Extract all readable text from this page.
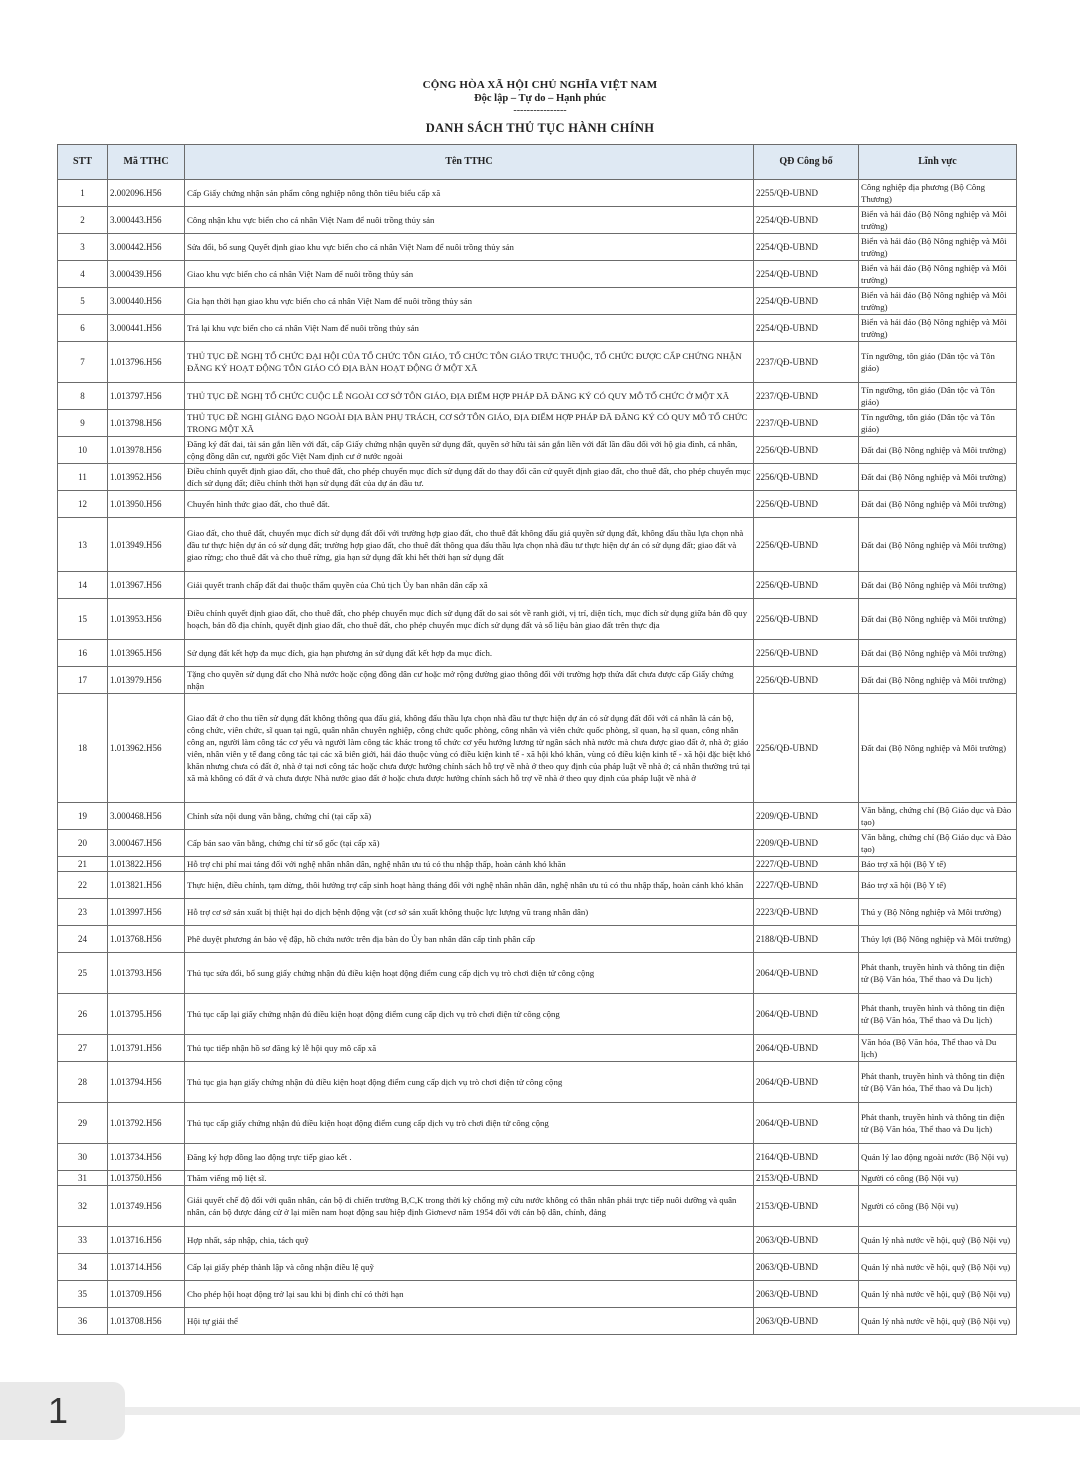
CỘNG HÒA XÃ HỘI CHỦ NGHĨA VIỆT NAM
Độc lập – Tự do – Hạnh phúc
----------------
DANH SÁCH THỦ TỤC HÀNH CHÍNH
STT	Mã TTHC	Tên TTHC	QĐ Công bố	Lĩnh vực
1	2.002096.H56	Cấp Giấy chứng nhận sản phẩm công nghiệp nông thôn tiêu biểu cấp xã	2255/QĐ-UBND	Công nghiệp địa phương (Bộ Công Thương)
2	3.000443.H56	Công nhận khu vực biển cho cá nhân Việt Nam để nuôi trồng thủy sản	2254/QĐ-UBND	Biển và hải đảo (Bộ Nông nghiệp và Môi trường)
3	3.000442.H56	Sửa đổi, bổ sung Quyết định giao khu vực biển cho cá nhân Việt Nam để nuôi trồng thủy sản	2254/QĐ-UBND	Biển và hải đảo (Bộ Nông nghiệp và Môi trường)
4	3.000439.H56	Giao khu vực biển cho cá nhân Việt Nam để nuôi trồng thủy sản	2254/QĐ-UBND	Biển và hải đảo (Bộ Nông nghiệp và Môi trường)
5	3.000440.H56	Gia hạn thời hạn giao khu vực biển cho cá nhân Việt Nam để nuôi trồng thủy sản	2254/QĐ-UBND	Biển và hải đảo (Bộ Nông nghiệp và Môi trường)
6	3.000441.H56	Trả lại khu vực biển cho cá nhân Việt Nam để nuôi trồng thủy sản	2254/QĐ-UBND	Biển và hải đảo (Bộ Nông nghiệp và Môi trường)
7	1.013796.H56	THỦ TỤC ĐỀ NGHỊ TỔ CHỨC ĐẠI HỘI CỦA TỔ CHỨC TÔN GIÁO, TỔ CHỨC TÔN GIÁO TRỰC THUỘC, TỔ CHỨC ĐƯỢC CẤP CHỨNG NHẬN ĐĂNG KÝ HOẠT ĐỘNG TÔN GIÁO CÓ ĐỊA BÀN HOẠT ĐỘNG Ở MỘT XÃ	2237/QĐ-UBND	Tín ngưỡng, tôn giáo (Dân tộc và Tôn giáo)
8	1.013797.H56	THỦ TỤC ĐỀ NGHỊ TỔ CHỨC CUỘC LỄ NGOÀI CƠ SỞ TÔN GIÁO, ĐỊA ĐIỂM HỢP PHÁP ĐÃ ĐĂNG KÝ CÓ QUY MÔ TỔ CHỨC Ở MỘT XÃ	2237/QĐ-UBND	Tín ngưỡng, tôn giáo (Dân tộc và Tôn giáo)
9	1.013798.H56	THỦ TỤC ĐỀ NGHỊ GIẢNG ĐẠO NGOÀI ĐỊA BÀN PHỤ TRÁCH, CƠ SỞ TÔN GIÁO, ĐỊA ĐIỂM HỢP PHÁP ĐÃ ĐĂNG KÝ CÓ QUY MÔ TỔ CHỨC TRONG MỘT XÃ	2237/QĐ-UBND	Tín ngưỡng, tôn giáo (Dân tộc và Tôn giáo)
10	1.013978.H56	Đăng ký đất đai, tài sản gắn liền với đất, cấp Giấy chứng nhận quyền sử dụng đất, quyền sở hữu tài sản gắn liền với đất lần đầu đối với hộ gia đình, cá nhân, cộng đồng dân cư, người gốc Việt Nam định cư ở nước ngoài	2256/QĐ-UBND	Đất đai (Bộ Nông nghiệp và Môi trường)
11	1.013952.H56	Điều chỉnh quyết định giao đất, cho thuê đất, cho phép chuyển mục đích sử dụng đất do thay đổi căn cứ quyết định giao đất, cho thuê đất, cho phép chuyển mục đích sử dụng đất; điều chỉnh thời hạn sử dụng đất của dự án đầu tư.	2256/QĐ-UBND	Đất đai (Bộ Nông nghiệp và Môi trường)
12	1.013950.H56	Chuyển hình thức giao đất, cho thuê đất.	2256/QĐ-UBND	Đất đai (Bộ Nông nghiệp và Môi trường)
13	1.013949.H56	Giao đất, cho thuê đất, chuyển mục đích sử dụng đất đối với trường hợp giao đất, cho thuê đất không đấu giá quyền sử dụng đất, không đấu thầu lựa chọn nhà đầu tư thực hiện dự án có sử dụng đất; trường hợp giao đất, cho thuê đất thông qua đấu thầu lựa chọn nhà đầu tư thực hiện dự án có sử dụng đất; giao đất và giao rừng; cho thuê đất và cho thuê rừng, gia hạn sử dụng đất khi hết thời hạn sử dụng đất	2256/QĐ-UBND	Đất đai (Bộ Nông nghiệp và Môi trường)
14	1.013967.H56	Giải quyết tranh chấp đất đai thuộc thẩm quyền của Chủ tịch Ủy ban nhân dân cấp xã	2256/QĐ-UBND	Đất đai (Bộ Nông nghiệp và Môi trường)
15	1.013953.H56	Điều chỉnh quyết định giao đất, cho thuê đất, cho phép chuyển mục đích sử dụng đất do sai sót về ranh giới, vị trí, diện tích, mục đích sử dụng giữa bản đồ quy hoạch, bản đồ địa chính, quyết định giao đất, cho thuê đất, cho phép chuyển mục đích sử dụng đất và số liệu bàn giao đất trên thực địa	2256/QĐ-UBND	Đất đai (Bộ Nông nghiệp và Môi trường)
16	1.013965.H56	Sử dụng đất kết hợp đa mục đích, gia hạn phương án sử dụng đất kết hợp đa mục đích.	2256/QĐ-UBND	Đất đai (Bộ Nông nghiệp và Môi trường)
17	1.013979.H56	Tặng cho quyền sử dụng đất cho Nhà nước hoặc cộng đồng dân cư hoặc mở rộng đường giao thông đối với trường hợp thửa đất chưa được cấp Giấy chứng nhận	2256/QĐ-UBND	Đất đai (Bộ Nông nghiệp và Môi trường)
18	1.013962.H56	Giao đất ở cho thu tiền sử dụng đất không thông qua đấu giá, không đấu thầu lựa chọn nhà đầu tư thực hiện dự án có sử dụng đất đối với cá nhân là cán bộ, công chức, viên chức, sĩ quan tại ngũ, quân nhân chuyên nghiệp, công chức quốc phòng, công nhân và viên chức quốc phòng, sĩ quan, hạ sĩ quan, công nhân công an, người làm công tác cơ yếu và người làm công tác khác trong tổ chức cơ yếu hưởng lương từ ngân sách nhà nước mà chưa được giao đất ở, nhà ở; giáo viên, nhân viên y tế đang công tác tại các xã biên giới, hải đảo thuộc vùng có điều kiện kinh tế - xã hội khó khăn, vùng có điều kiện kinh tế - xã hội đặc biệt khó khăn nhưng chưa có đất ở, nhà ở tại nơi công tác hoặc chưa được hưởng chính sách hỗ trợ về nhà ở theo quy định của pháp luật về nhà ở; cá nhân thường trú tại xã mà không có đất ở và chưa được Nhà nước giao đất ở hoặc chưa được hưởng chính sách hỗ trợ về nhà ở theo quy định của pháp luật về nhà ở	2256/QĐ-UBND	Đất đai (Bộ Nông nghiệp và Môi trường)
19	3.000468.H56	Chỉnh sửa nội dung văn bằng, chứng chỉ (tại cấp xã)	2209/QĐ-UBND	Văn bằng, chứng chỉ (Bộ Giáo dục và Đào tạo)
20	3.000467.H56	Cấp bản sao văn bằng, chứng chỉ từ sổ gốc (tại cấp xã)	2209/QĐ-UBND	Văn bằng, chứng chỉ (Bộ Giáo dục và Đào tạo)
21	1.013822.H56	Hỗ trợ chi phí mai táng đối với nghệ nhân nhân dân, nghệ nhân ưu tú có thu nhập thấp, hoàn cảnh khó khăn	2227/QĐ-UBND	Bảo trợ xã hội (Bộ Y tế)
22	1.013821.H56	Thực hiện, điều chỉnh, tạm dừng, thôi hưởng trợ cấp sinh hoạt hàng tháng đối với nghệ nhân nhân dân, nghệ nhân ưu tú có thu nhập thấp, hoàn cảnh khó khăn	2227/QĐ-UBND	Bảo trợ xã hội (Bộ Y tế)
23	1.013997.H56	Hỗ trợ cơ sở sản xuất bị thiệt hại do dịch bệnh động vật (cơ sở sản xuất không thuộc lực lượng vũ trang nhân dân)	2223/QĐ-UBND	Thú y (Bộ Nông nghiệp và Môi trường)
24	1.013768.H56	Phê duyệt phương án bảo vệ đập, hồ chứa nước trên địa bàn do Ủy ban nhân dân cấp tỉnh phân cấp	2188/QĐ-UBND	Thủy lợi (Bộ Nông nghiệp và Môi trường)
25	1.013793.H56	Thủ tục sửa đổi, bổ sung giấy chứng nhận đủ điều kiện hoạt động điểm cung cấp dịch vụ trò chơi điện tử công cộng	2064/QĐ-UBND	Phát thanh, truyền hình và thông tin điện tử (Bộ Văn hóa, Thể thao và Du lịch)
26	1.013795.H56	Thủ tục cấp lại giấy chứng nhận đủ điều kiện hoạt động điểm cung cấp dịch vụ trò chơi điện tử công cộng	2064/QĐ-UBND	Phát thanh, truyền hình và thông tin điện tử (Bộ Văn hóa, Thể thao và Du lịch)
27	1.013791.H56	Thủ tục tiếp nhận hồ sơ đăng ký lễ hội quy mô cấp xã	2064/QĐ-UBND	Văn hóa (Bộ Văn hóa, Thể thao và Du lịch)
28	1.013794.H56	Thủ tục gia hạn giấy chứng nhận đủ điều kiện hoạt động điểm cung cấp dịch vụ trò chơi điện tử công cộng	2064/QĐ-UBND	Phát thanh, truyền hình và thông tin điện tử (Bộ Văn hóa, Thể thao và Du lịch)
29	1.013792.H56	Thủ tục cấp giấy chứng nhận đủ điều kiện hoạt động điểm cung cấp dịch vụ trò chơi điện tử công cộng	2064/QĐ-UBND	Phát thanh, truyền hình và thông tin điện tử (Bộ Văn hóa, Thể thao và Du lịch)
30	1.013734.H56	Đăng ký hợp đồng lao động trực tiếp giao kết .	2164/QĐ-UBND	Quản lý lao động ngoài nước (Bộ Nội vụ)
31	1.013750.H56	Thăm viếng mộ liệt sĩ.	2153/QĐ-UBND	Người có công (Bộ Nội vụ)
32	1.013749.H56	Giải quyết chế độ đối với quân nhân, cán bộ đi chiến trường B,C,K trong thời kỳ chống mỹ cứu nước không có thân nhân phải trực tiếp nuôi dưỡng và quân nhân, cán bộ được đảng cử ở lại miền nam hoạt động sau hiệp định Giơnevơ năm 1954 đối với cán bộ dân, chính, đảng	2153/QĐ-UBND	Người có công (Bộ Nội vụ)
33	1.013716.H56	Hợp nhất, sáp nhập, chia, tách quỹ	2063/QĐ-UBND	Quản lý nhà nước về hội, quỹ (Bộ Nội vụ)
34	1.013714.H56	Cấp lại giấy phép thành lập và công nhận điều lệ quỹ	2063/QĐ-UBND	Quản lý nhà nước về hội, quỹ (Bộ Nội vụ)
35	1.013709.H56	Cho phép hội hoạt động trở lại sau khi bị đình chỉ có thời hạn	2063/QĐ-UBND	Quản lý nhà nước về hội, quỹ (Bộ Nội vụ)
36	1.013708.H56	Hội tự giải thể	2063/QĐ-UBND	Quản lý nhà nước về hội, quỹ (Bộ Nội vụ)
1
